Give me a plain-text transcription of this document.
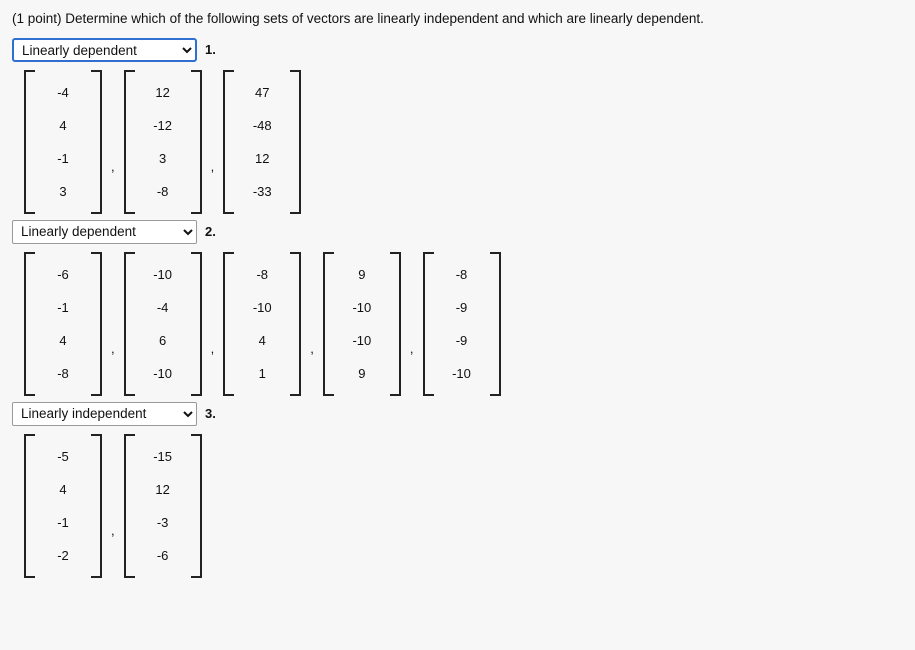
(1 point) Determine which of the following sets of vectors are linearly independent and which are linearly dependent.
Linearly dependent
1.
-4
4
-1
3
,
12
-12
3
-8
,
47
-48
12
-33
Linearly dependent
2.
-6
-1
4
-8
,
-10
-4
6
-10
,
-8
-10
4
1
,
9
-10
-10
9
,
-8
-9
-9
-10
Linearly independent
3.
-5
4
-1
-2
,
-15
12
-3
-6
